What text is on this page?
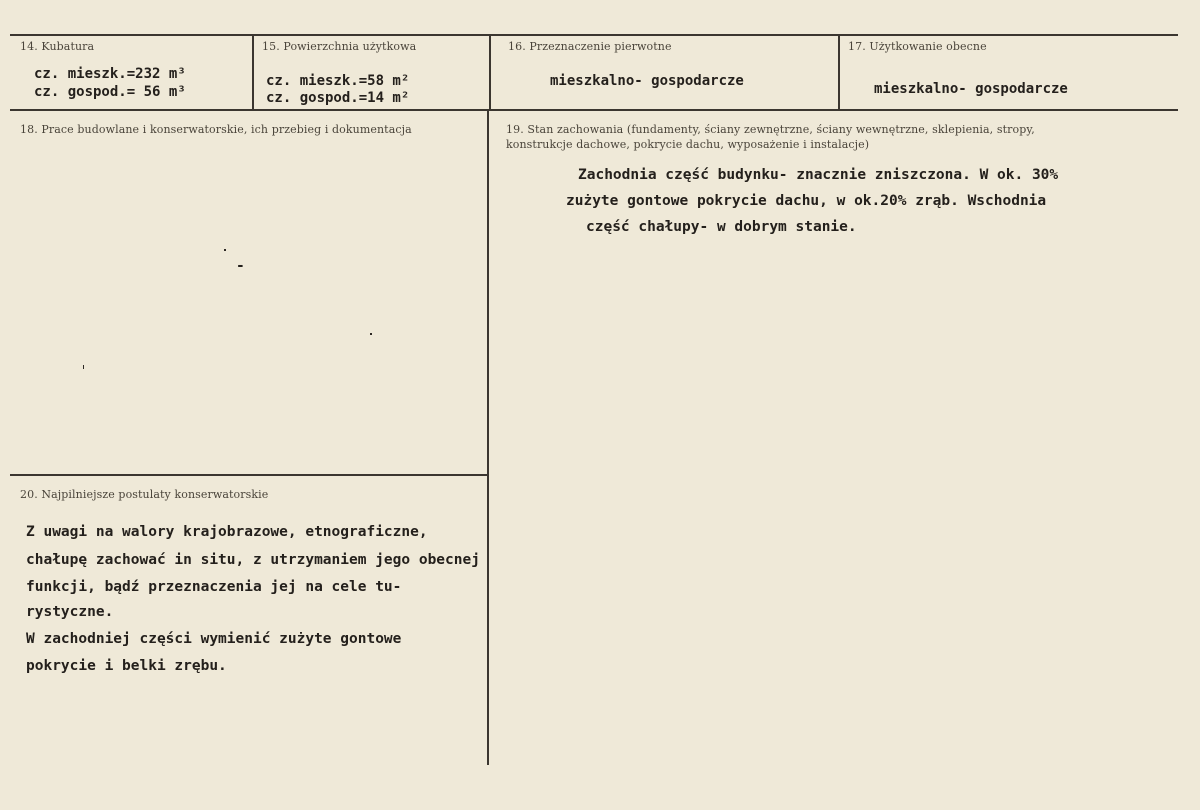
14. Kubatura
cz. mieszk.=232 m³
cz. gospod.= 56 m³
15. Powierzchnia użytkowa
cz. mieszk.=58 m²
cz. gospod.=14 m²
16. Przeznaczenie pierwotne
mieszkalno- gospodarcze
17. Użytkowanie obecne
mieszkalno- gospodarcze
18. Prace budowlane i konserwatorskie, ich przebieg i dokumentacja
-
19. Stan zachowania (fundamenty, ściany zewnętrzne, ściany wewnętrzne, sklepienia, stropy,
konstrukcje dachowe, pokrycie dachu, wyposażenie i instalacje)
Zachodnia część budynku- znacznie zniszczona. W ok. 30%
zużyte gontowe pokrycie dachu, w ok.20% zrąb. Wschodnia
część chałupy- w dobrym stanie.
20. Najpilniejsze postulaty konserwatorskie
Z uwagi na walory krajobrazowe, etnograficzne,
chałupę zachować in situ, z utrzymaniem jego obecnej
funkcji, bądź przeznaczenia jej na cele tu-
rystyczne.
W zachodniej części wymienić zużyte gontowe
pokrycie i belki zrębu.
